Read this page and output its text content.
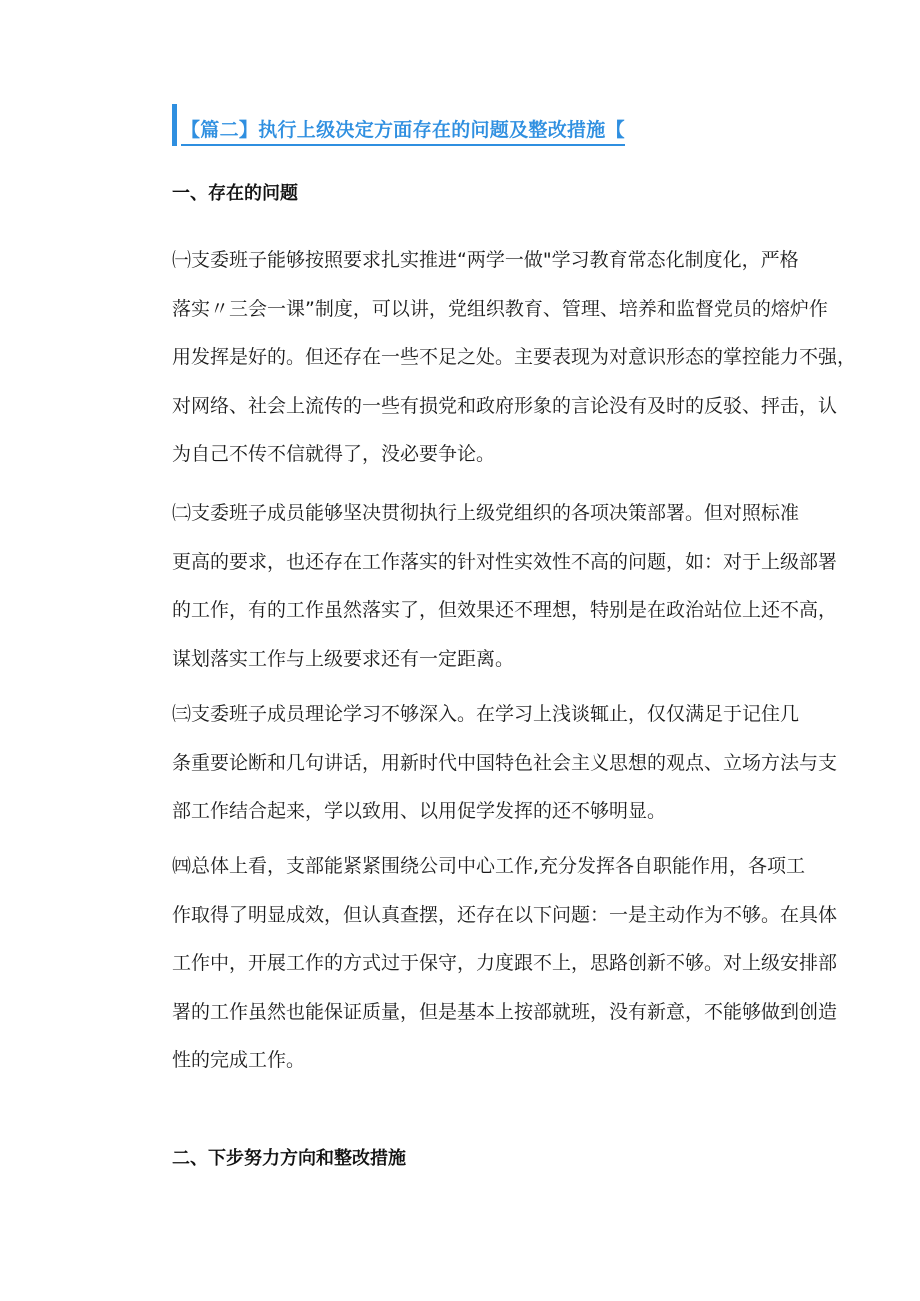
【篇二】执行上级决定方面存在的问题及整改措施【
一、存在的问题
㈠支委班子能够按照要求扎实推进“两学一做"学习教育常态化制度化，严格
落实〃三会一课”制度，可以讲，党组织教育、管理、培养和监督党员的熔炉作
用发挥是好的。但还存在一些不足之处。主要表现为对意识形态的掌控能力不强，
对网络、社会上流传的一些有损党和政府形象的言论没有及时的反驳、抨击，认
为自己不传不信就得了，没必要争论。
㈡支委班子成员能够坚决贯彻执行上级党组织的各项决策部署。但对照标准
更高的要求，也还存在工作落实的针对性实效性不高的问题，如：对于上级部署
的工作，有的工作虽然落实了，但效果还不理想，特别是在政治站位上还不高，
谋划落实工作与上级要求还有一定距离。
㈢支委班子成员理论学习不够深入。在学习上浅谈辄止，仅仅满足于记住几
条重要论断和几句讲话，用新时代中国特色社会主义思想的观点、立场方法与支
部工作结合起来，学以致用、以用促学发挥的还不够明显。
㈣总体上看，支部能紧紧围绕公司中心工作,充分发挥各自职能作用，各项工
作取得了明显成效，但认真查摆，还存在以下问题：一是主动作为不够。在具体
工作中，开展工作的方式过于保守，力度跟不上，思路创新不够。对上级安排部
署的工作虽然也能保证质量，但是基本上按部就班，没有新意，不能够做到创造
性的完成工作。
二、下步努力方向和整改措施
